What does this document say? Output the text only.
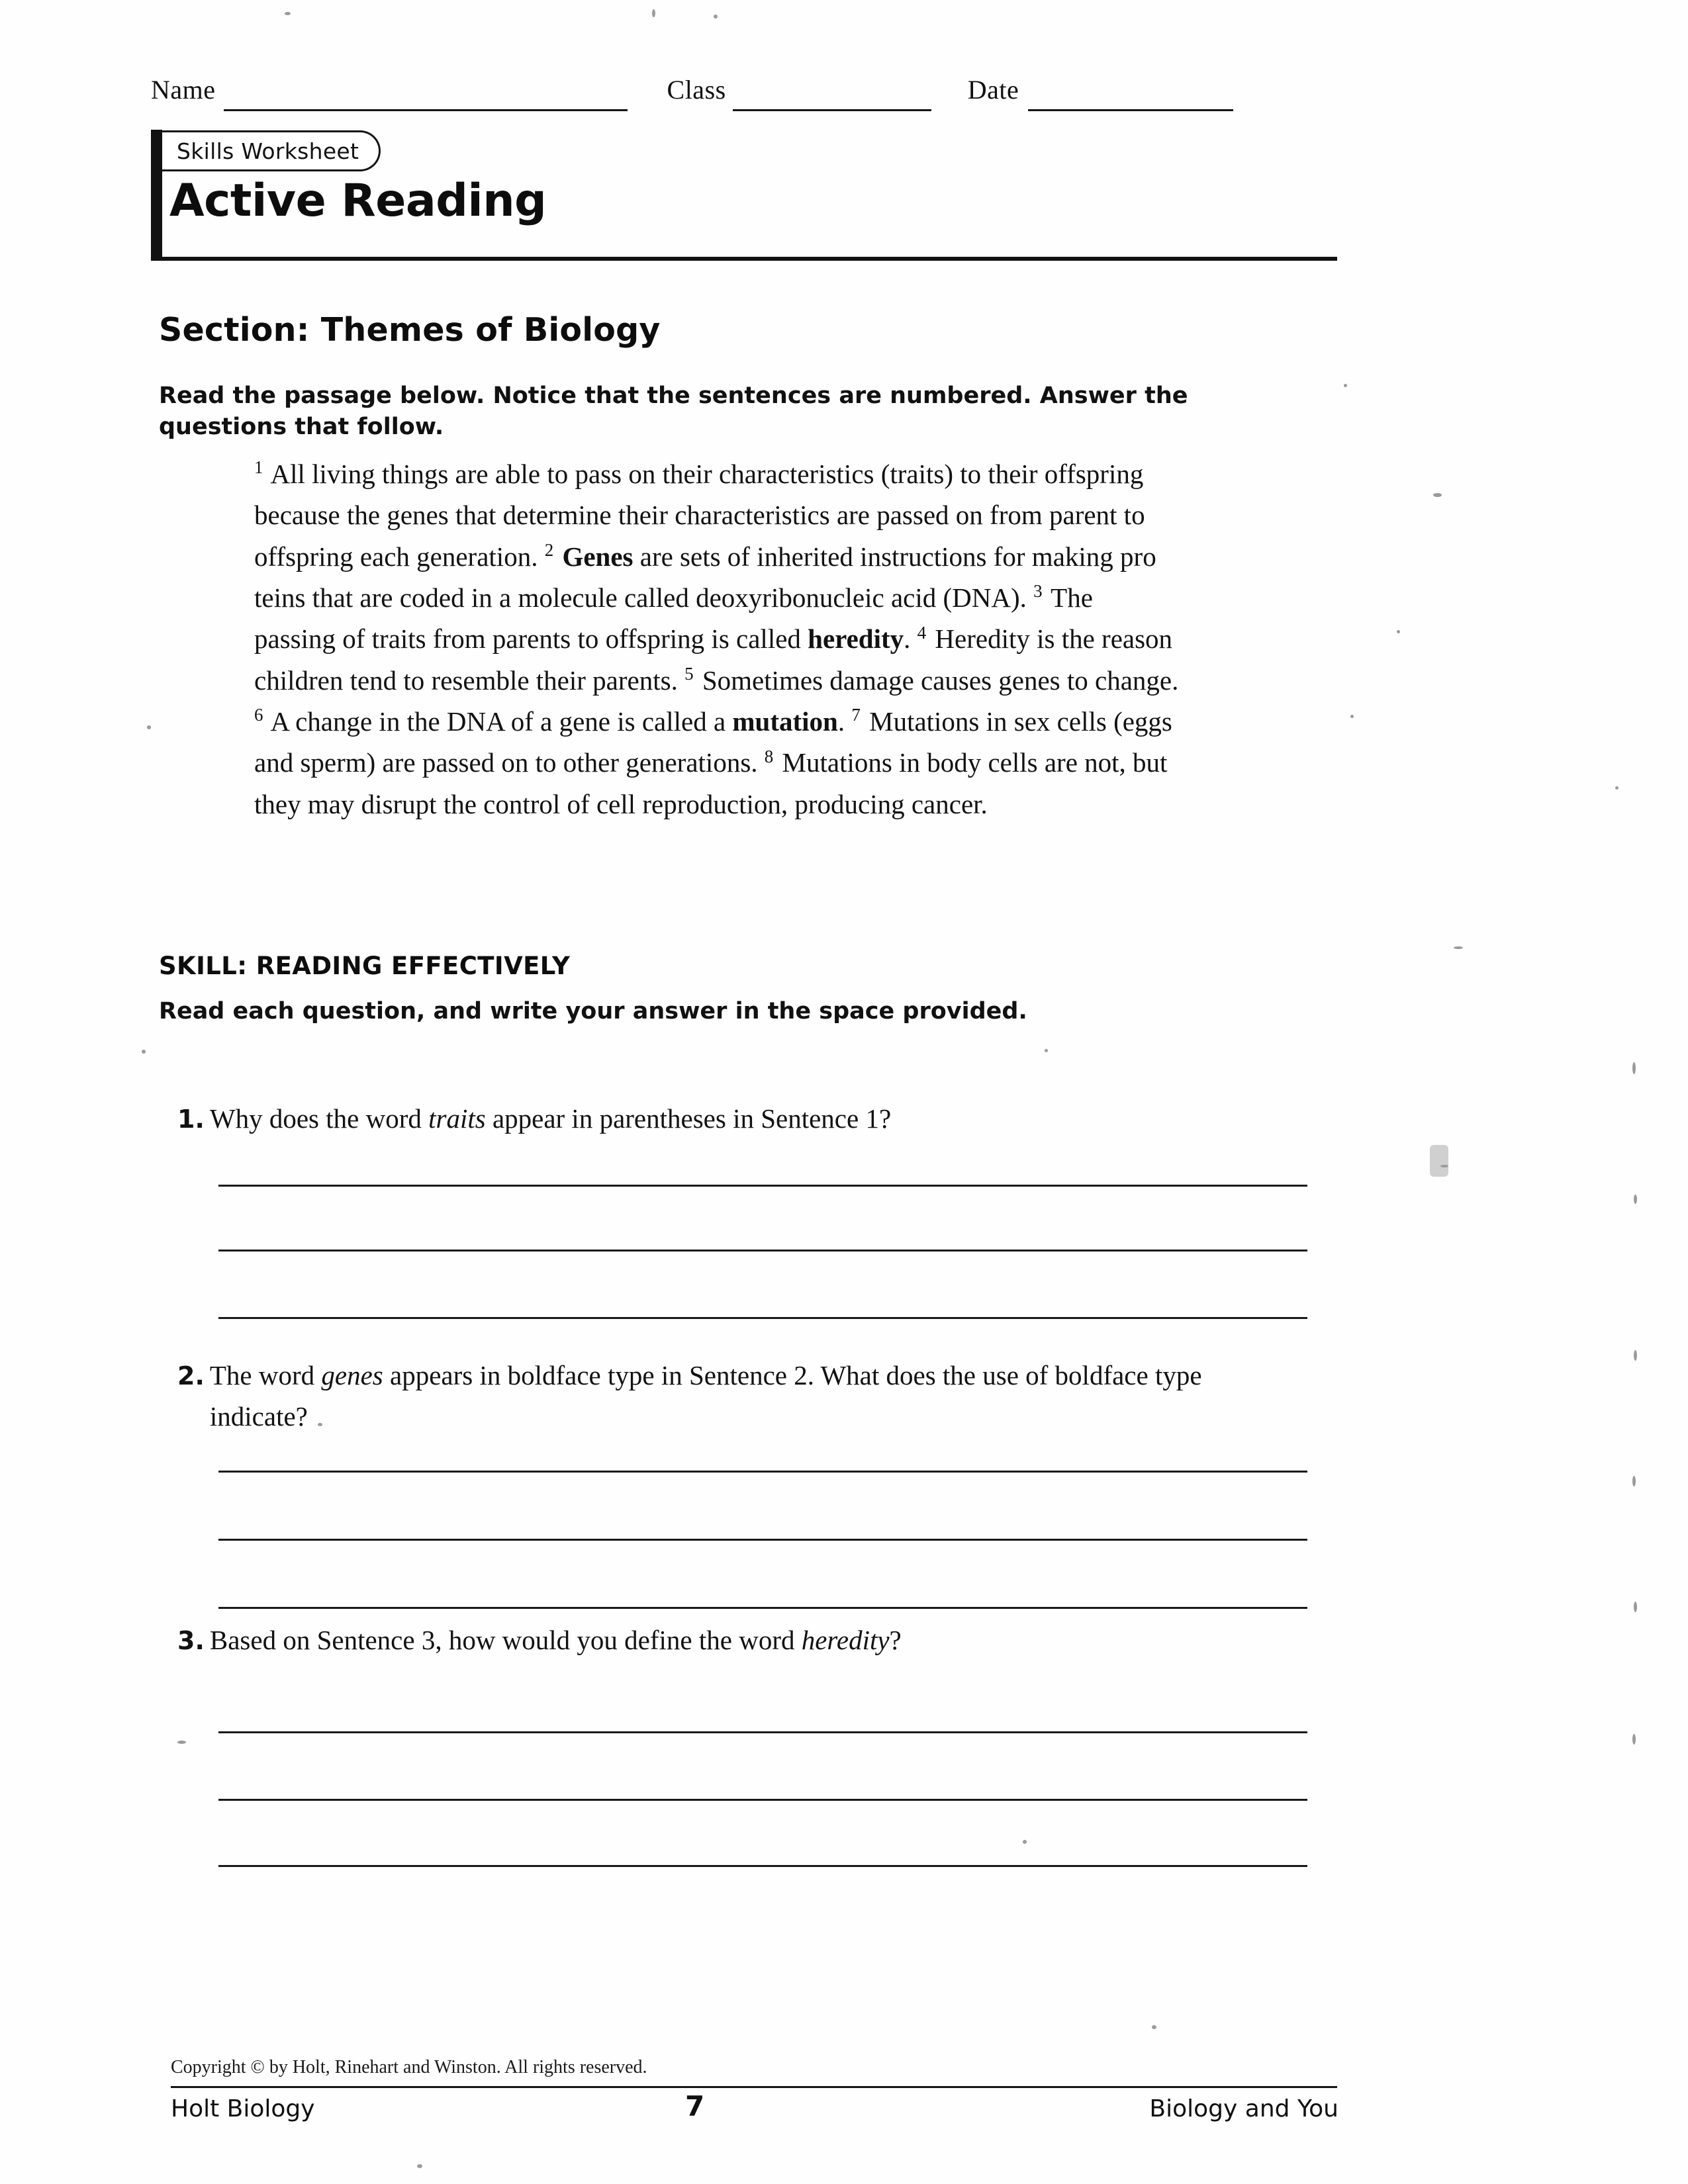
Name	Class	Date
Skills Worksheet
Active Reading
Section: Themes of Biology
Read the passage below. Notice that the sentences are numbered. Answer the questions that follow.
$^1$ All living things are able to pass on their characteristics (traits) to their offspring because the genes that determine their characteristics are passed on from parent to offspring each gener​ation. $^2$ Genes are sets of inherited instructions for making pro​teins that are coded in a molecule called deoxyribonucleic acid (DNA). $^3$ The passing of traits from parents to offspring is called heredity. $^4$ Heredity is the reason children tend to resemble their parents. $^5$ Sometimes damage causes genes to change. $^6$ A change in the DNA of a gene is called a mutation. $^7$ Mutations in sex cells (eggs and sperm) are passed on to other generations. $^8$ Mutations in body cells are not, but they may disrupt the control of cell reproduction, producing cancer.
SKILL: READING EFFECTIVELY
Read each question, and write your answer in the space provided.
1. Why does the word traits appear in parentheses in Sentence 1?
2. The word genes appears in boldface type in Sentence 2. What does the use of boldface type indicate?
3. Based on Sentence 3, how would you define the word heredity?
Copyright © by Holt, Rinehart and Winston. All rights reserved.
Holt Biology	7	Biology and You
